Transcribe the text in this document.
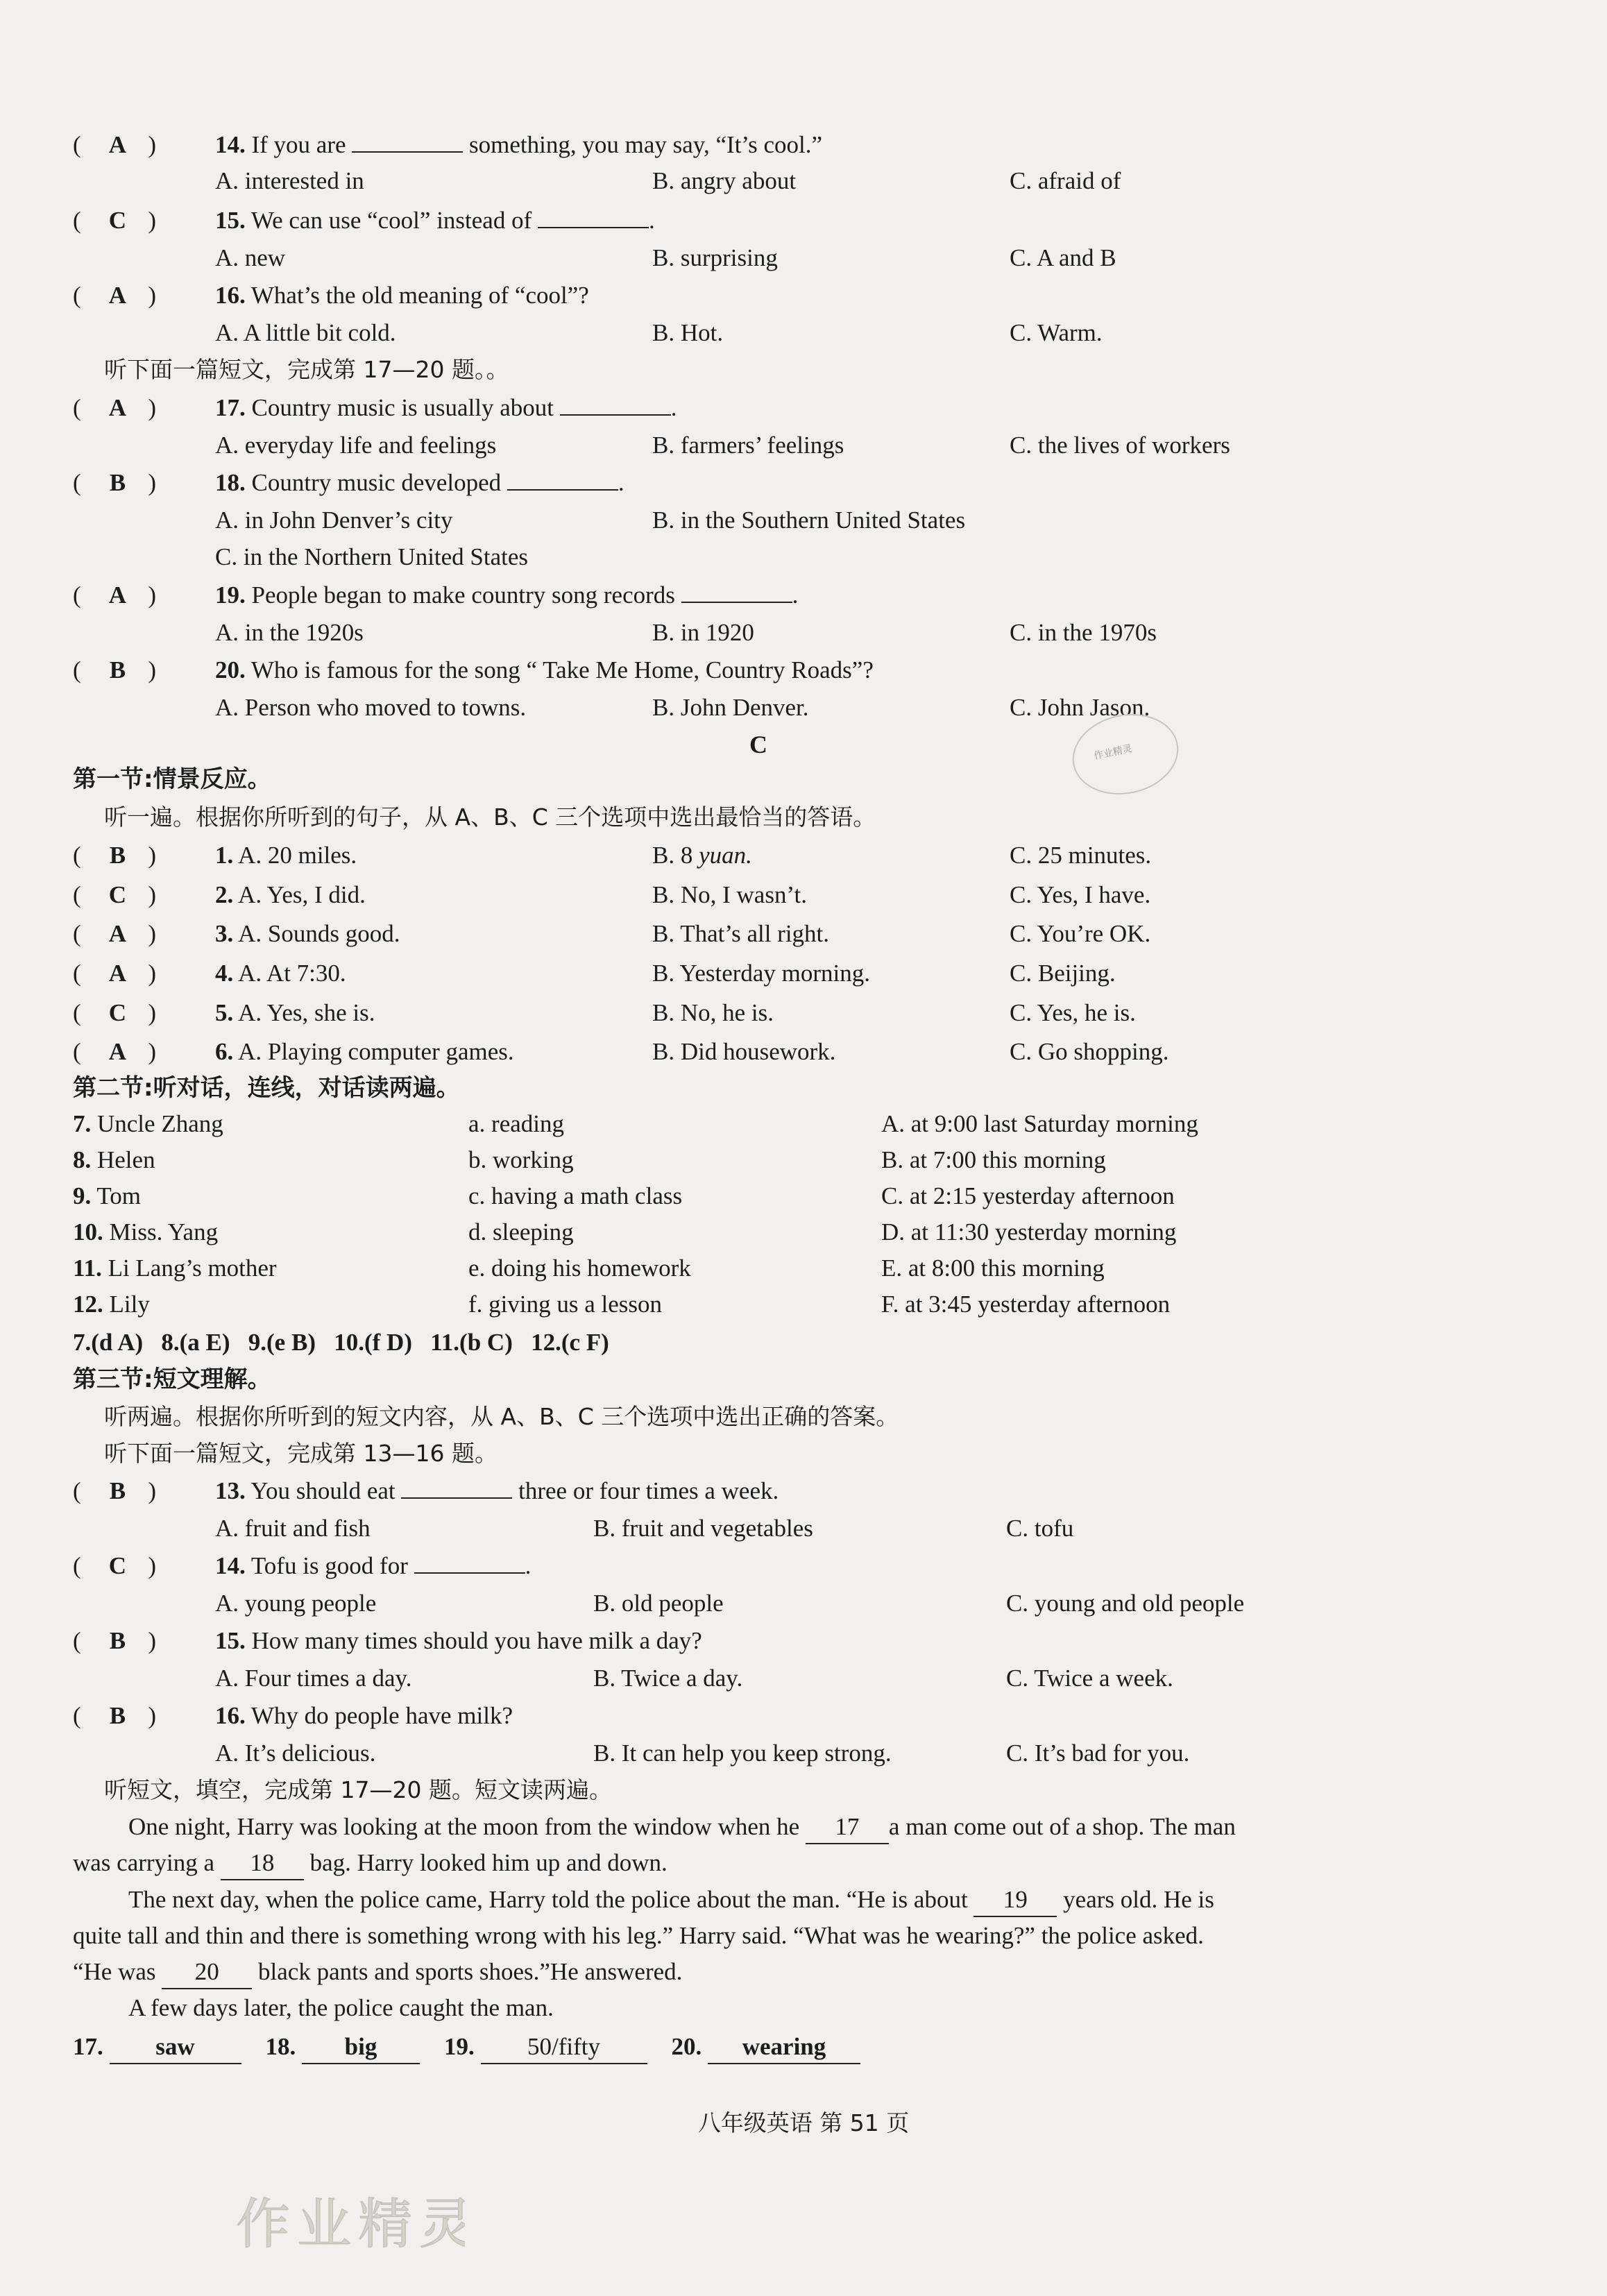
( A ) 14. If you are	something, you may say, “It’s cool.”
A. interested in	B. angry about	C. afraid of
( C ) 15. We can use “cool” instead of	.
A. new	B. surprising	C. A and B
( A ) 16. What’s the old meaning of “cool”?
A. A little bit cold.	B. Hot.	C. Warm.
听下面一篇短文，完成第 17—20 题。。
( A ) 17. Country music is usually about	.
A. everyday life and feelings	B. farmers’ feelings	C. the lives of workers
( B ) 18. Country music developed	.
A. in John Denver’s city	B. in the Southern United States
C. in the Northern United States
( A ) 19. People began to make country song records	.
A. in the 1920s	B. in 1920	C. in the 1970s
( B ) 20. Who is famous for the song “ Take Me Home, Country Roads”?
A. Person who moved to towns.	B. John Denver.	C. John Jason.
作业精灵
C
第一节:情景反应。
听一遍。根据你所听到的句子，从 A、B、C 三个选项中选出最恰当的答语。
( B ) 1. A. 20 miles.	B. 8 yuan.	C. 25 minutes.
( C ) 2. A. Yes, I did.	B. No, I wasn’t.	C. Yes, I have.
( A ) 3. A. Sounds good.	B. That’s all right.	C. You’re OK.
( A ) 4. A. At 7:30.	B. Yesterday morning.	C. Beijing.
( C ) 5. A. Yes, she is.	B. No, he is.	C. Yes, he is.
( A ) 6. A. Playing computer games.	B. Did housework.	C. Go shopping.
第二节:听对话，连线，对话读两遍。
7. Uncle Zhang	a. reading	A. at 9:00 last Saturday morning
8. Helen	b. working	B. at 7:00 this morning
9. Tom	c. having a math class	C. at 2:15 yesterday afternoon
10. Miss. Yang	d. sleeping	D. at 11:30 yesterday morning
11. Li Lang’s mother	e. doing his homework	E. at 8:00 this morning
12. Lily	f. giving us a lesson	F. at 3:45 yesterday afternoon
7.(d A) 8.(a E) 9.(e B) 10.(f D) 11.(b C) 12.(c F)
第三节:短文理解。
听两遍。根据你所听到的短文内容，从 A、B、C 三个选项中选出正确的答案。
听下面一篇短文，完成第 13—16 题。
( B ) 13. You should eat	three or four times a week.
A. fruit and fish	B. fruit and vegetables	C. tofu
( C ) 14. Tofu is good for	.
A. young people	B. old people	C. young and old people
( B ) 15. How many times should you have milk a day?
A. Four times a day.	B. Twice a day.	C. Twice a week.
( B ) 16. Why do people have milk?
A. It’s delicious.	B. It can help you keep strong.	C. It’s bad for you.
听短文，填空，完成第 17—20 题。短文读两遍。
One night, Harry was looking at the moon from the window when he 17 a man come out of a shop. The man
was carrying a 18 bag. Harry looked him up and down.
The next day, when the police came, Harry told the police about the man. “He is about 19 years old. He is
quite tall and thin and there is something wrong with his leg.” Harry said. “What was he wearing?” the police asked.
“He was 20 black pants and sports shoes.”He answered.
A few days later, the police caught the man.
17. saw	18. big	19. 50/fifty	20. wearing
八年级英语 第 51 页
作业精灵
